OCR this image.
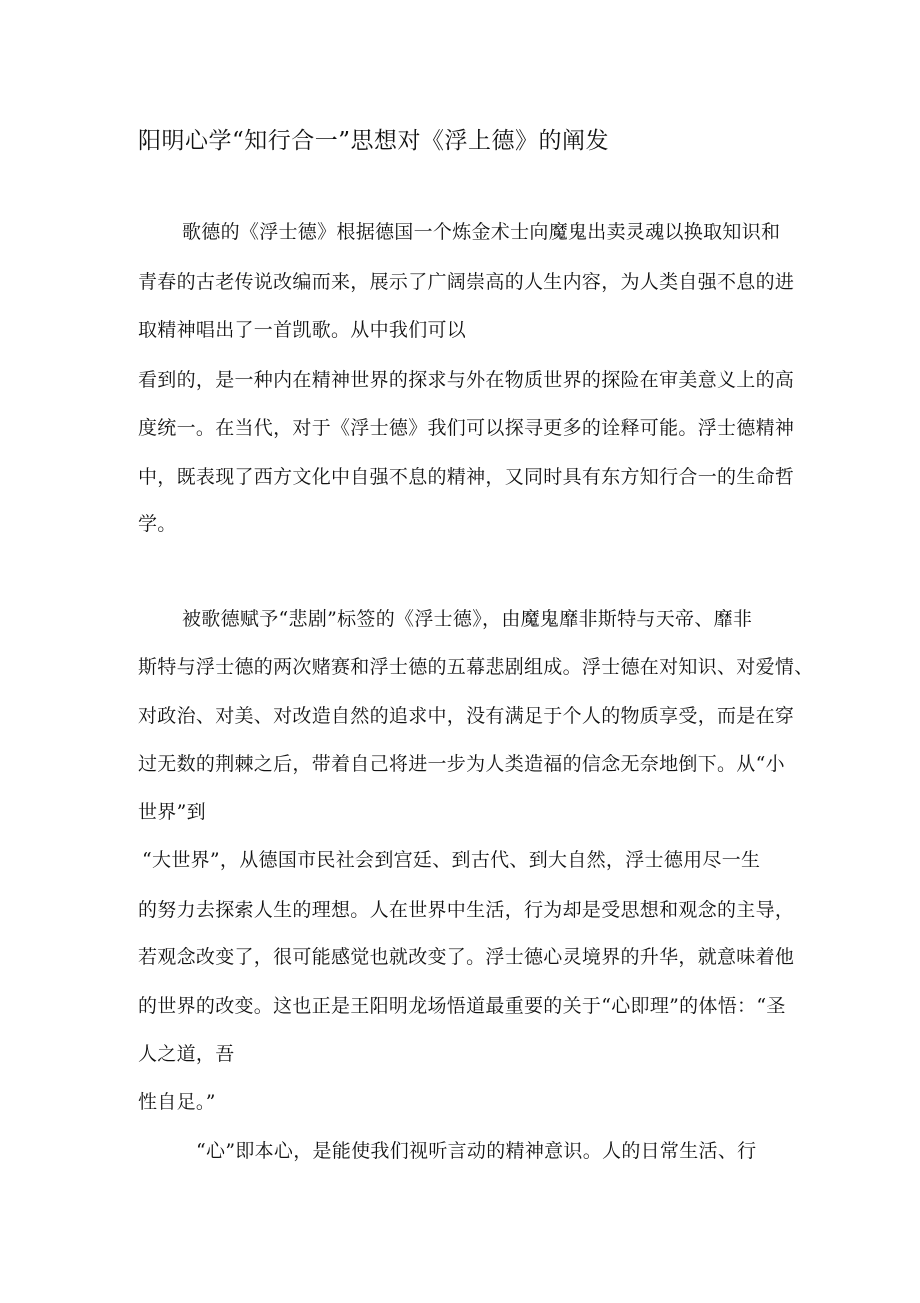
阳明心学“知行合一”思想对《浮上德》的阐发
歌德的《浮士德》根据德国一个炼金术士向魔鬼出卖灵魂以换取知识和
青春的古老传说改编而来，展示了广阔崇高的人生内容，为人类自强不息的进
取精神唱出了一首凯歌。从中我们可以
看到的，是一种内在精神世界的探求与外在物质世界的探险在审美意义上的高
度统一。在当代，对于《浮士德》我们可以探寻更多的诠释可能。浮士德精神
中，既表现了西方文化中自强不息的精神，又同时具有东方知行合一的生命哲
学。
被歌德赋予“悲剧”标签的《浮士德》，由魔鬼靡非斯特与天帝、靡非
斯特与浮士德的两次赌赛和浮士德的五幕悲剧组成。浮士德在对知识、对爱情、
对政治、对美、对改造自然的追求中，没有满足于个人的物质享受，而是在穿
过无数的荆棘之后，带着自己将进一步为人类造福的信念无奈地倒下。从“小
世界”到
“大世界”，从德国市民社会到宫廷、到古代、到大自然，浮士德用尽一生
的努力去探索人生的理想。人在世界中生活，行为却是受思想和观念的主导，
若观念改变了，很可能感觉也就改变了。浮士德心灵境界的升华，就意味着他
的世界的改变。这也正是王阳明龙场悟道最重要的关于“心即理”的体悟：“圣
人之道，吾
性自足。”
“心”即本心，是能使我们视听言动的精神意识。人的日常生活、行
